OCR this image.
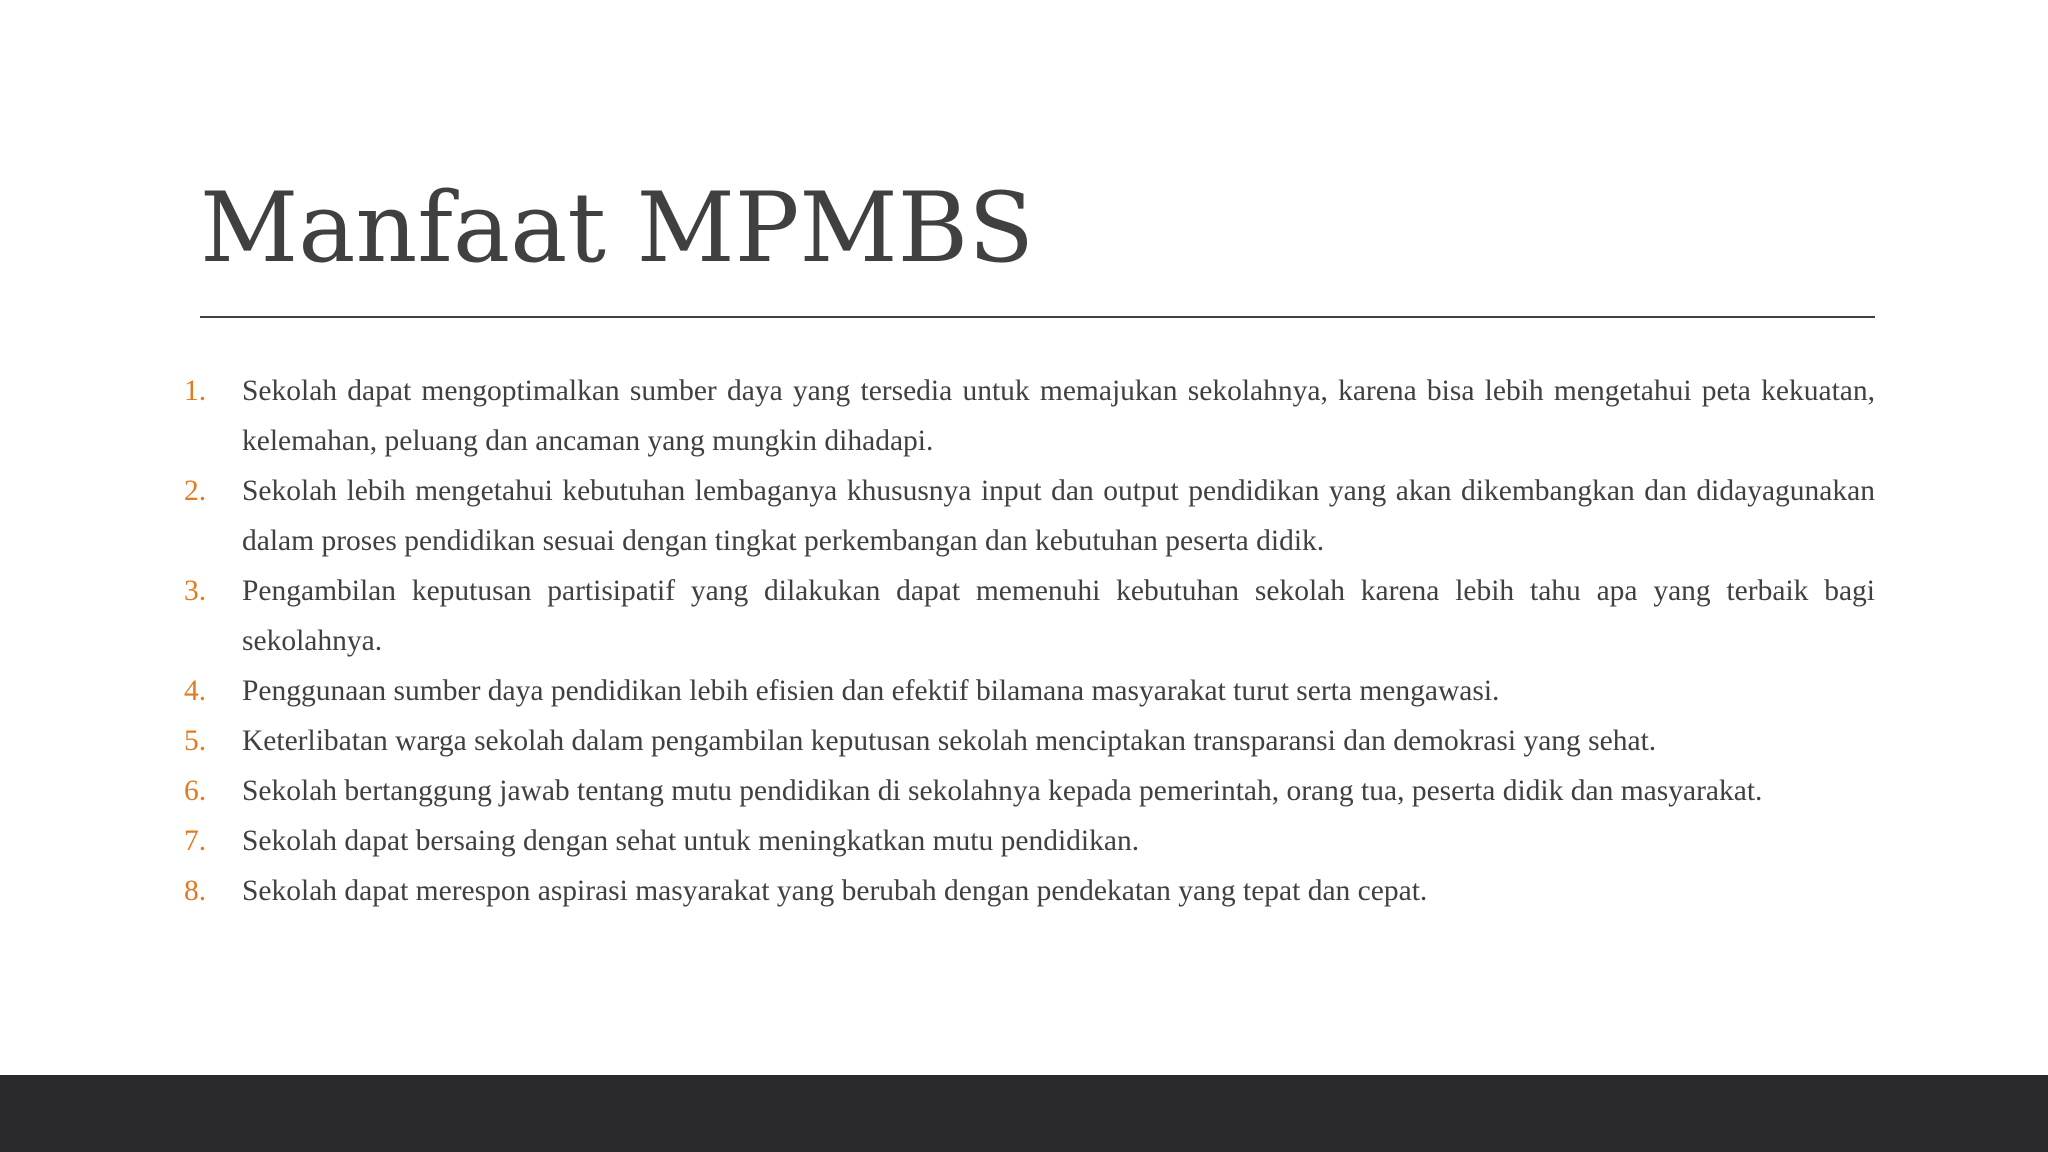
Manfaat MPMBS
1. Sekolah dapat mengoptimalkan sumber daya yang tersedia untuk memajukan sekolahnya, karena bisa lebih mengetahui peta kekuatan, kelemahan, peluang dan ancaman yang mungkin dihadapi.
2. Sekolah lebih mengetahui kebutuhan lembaganya khususnya input dan output pendidikan yang akan dikembangkan dan didayagunakan dalam proses pendidikan sesuai dengan tingkat perkembangan dan kebutuhan peserta didik.
3. Pengambilan keputusan partisipatif yang dilakukan dapat memenuhi kebutuhan sekolah karena lebih tahu apa yang terbaik bagi sekolahnya.
4. Penggunaan sumber daya pendidikan lebih efisien dan efektif bilamana masyarakat turut serta mengawasi.
5. Keterlibatan warga sekolah dalam pengambilan keputusan sekolah menciptakan transparansi dan demokrasi yang sehat.
6. Sekolah bertanggung jawab tentang mutu pendidikan di sekolahnya kepada pemerintah, orang tua, peserta didik dan masyarakat.
7. Sekolah dapat bersaing dengan sehat untuk meningkatkan mutu pendidikan.
8. Sekolah dapat merespon aspirasi masyarakat yang berubah dengan pendekatan yang tepat dan cepat.
